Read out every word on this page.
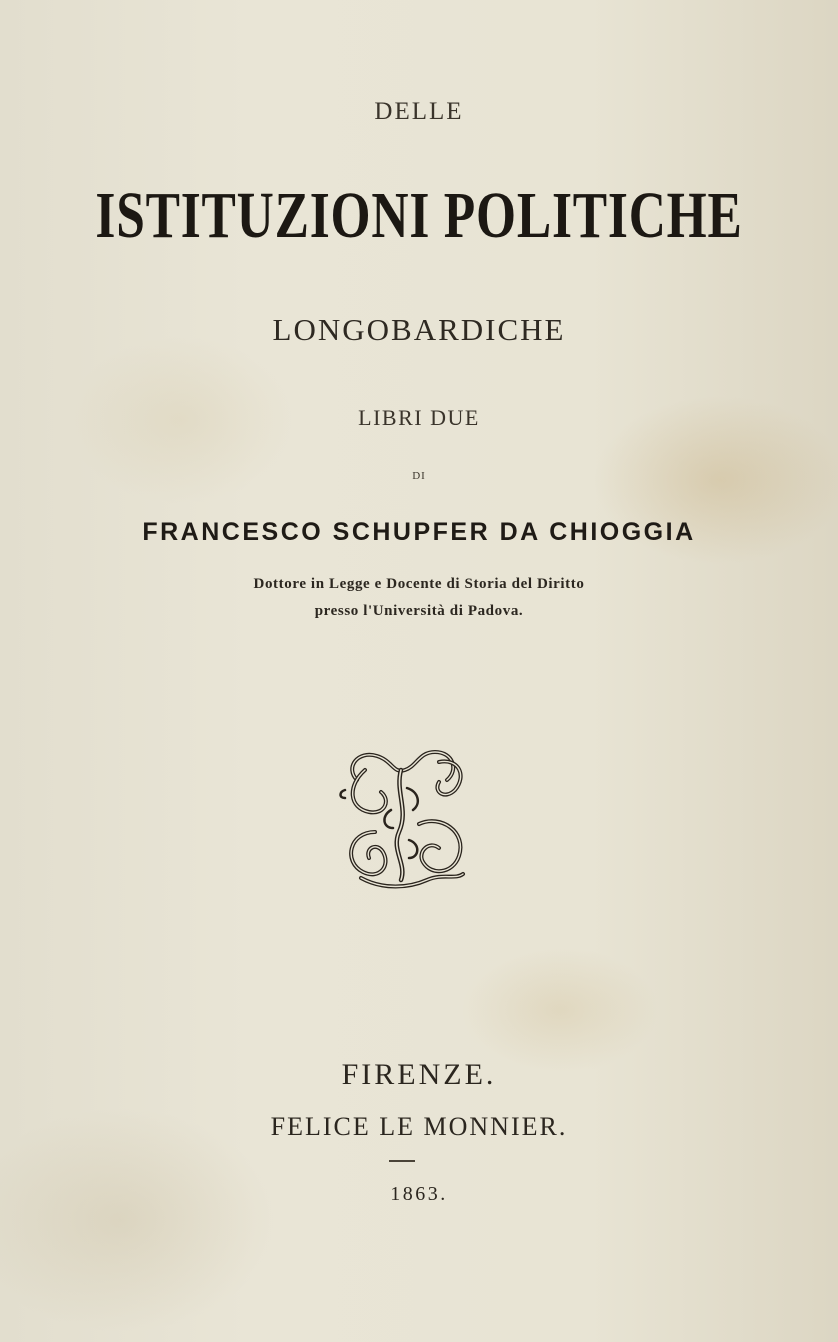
DELLE
ISTITUZIONI POLITICHE
LONGOBARDICHE
LIBRI DUE
DI
FRANCESCO SCHUPFER DA CHIOGGIA
Dottore in Legge e Docente di Storia del Diritto
presso l'Università di Padova.
FIRENZE.
FELICE LE MONNIER.
1863.
